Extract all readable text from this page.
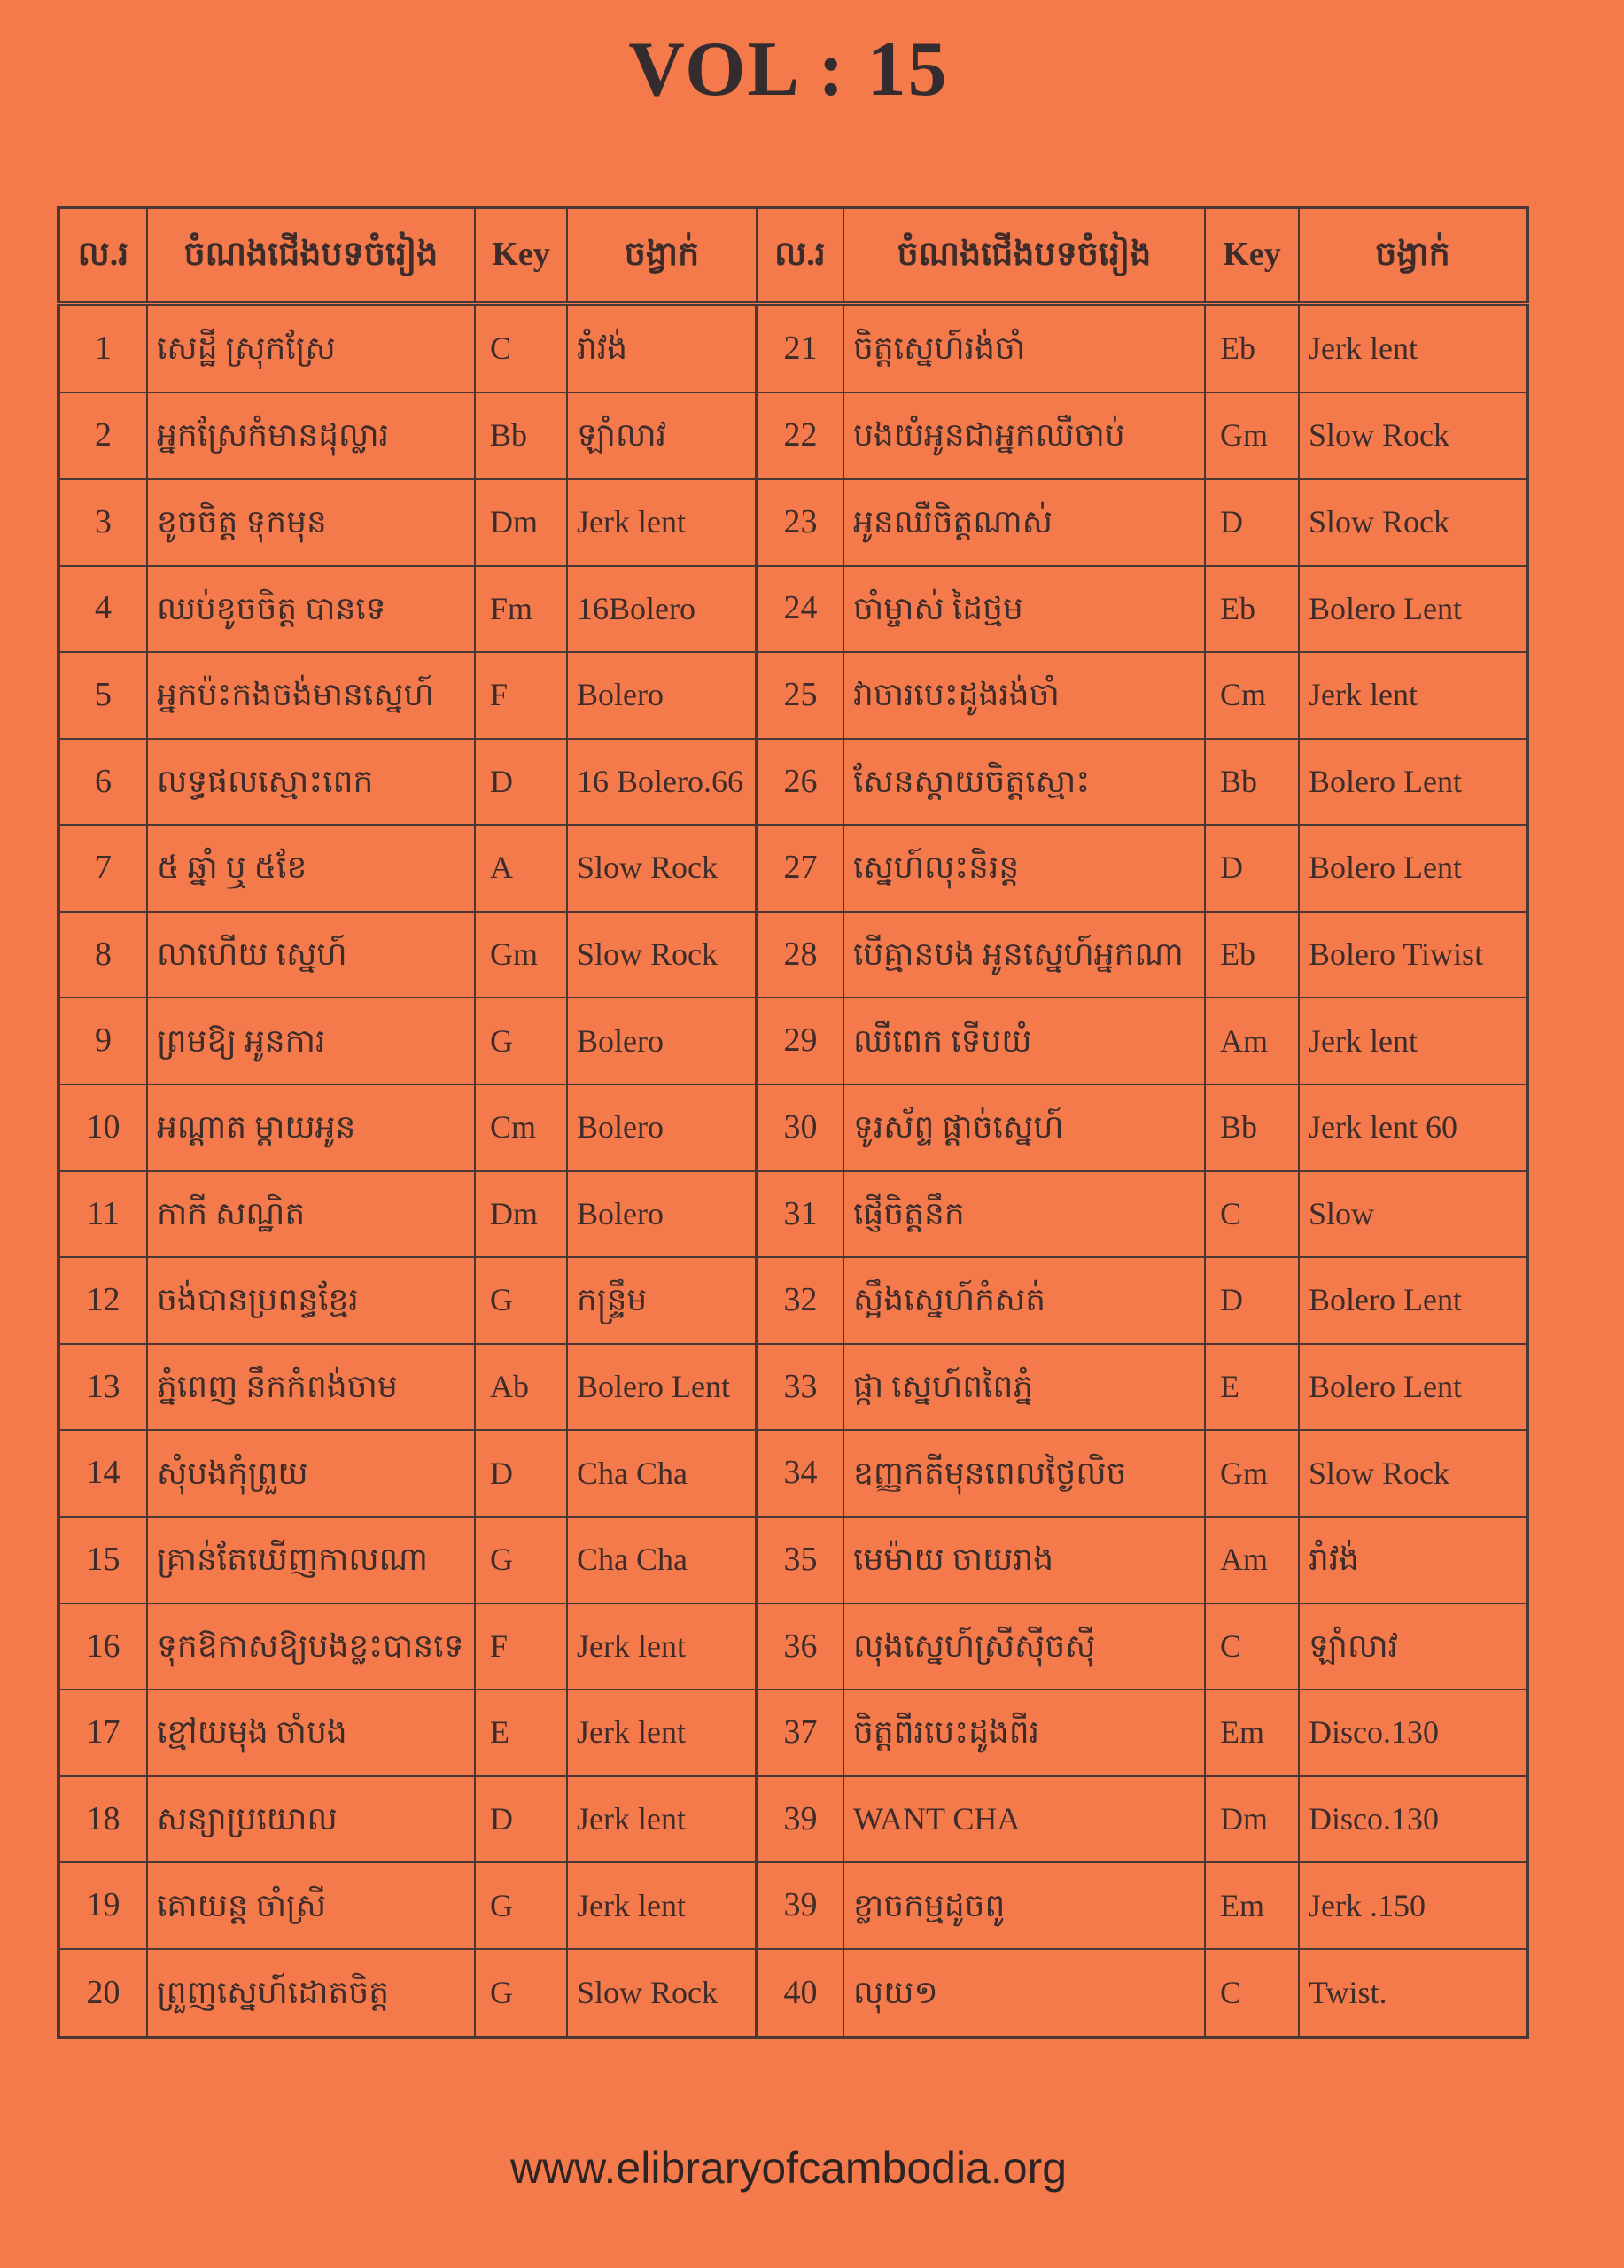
VOL : 15
ល.រ	ចំណងជើងបទចំរៀង	Key	ចង្វាក់	ល.រ	ចំណងជើងបទចំរៀង	Key	ចង្វាក់
1	សេដ្ឋី ស្រុកស្រែ	C	រាំវង់	21	ចិត្តស្នេហ៍រង់ចាំ	Eb	Jerk lent
2	អ្នកស្រែកំមានដុល្លារ	Bb	ឡាំលាវ	22	បងយំអូនជាអ្នកឈឺចាប់	Gm	Slow Rock
3	ខូចចិត្ត ទុកមុន	Dm	Jerk lent	23	អូនឈឺចិត្តណាស់	D	Slow Rock
4	ឈប់ខូចចិត្ត បានទេ	Fm	16Bolero	24	ចាំម្ចាស់ ដៃថ្មម	Eb	Bolero Lent
5	អ្នកប៉ះកងចង់មានស្នេហ៍	F	Bolero	25	វាចារបេះដូងរង់ចាំ	Cm	Jerk lent
6	លទ្ធផលស្មោះពេក	D	16 Bolero.66	26	សែនស្តាយចិត្តស្មោះ	Bb	Bolero Lent
7	៥ ឆ្នាំ ឬ ៥ខែ	A	Slow Rock	27	ស្នេហ៍លុះនិរន្ត	D	Bolero Lent
8	លាហើយ ស្នេហ៍	Gm	Slow Rock	28	បើគ្មានបង អូនស្នេហ៍អ្នកណា	Eb	Bolero Tiwist
9	ព្រមឱ្យ អូនការ	G	Bolero	29	ឈឺពេក ទើបយំ	Am	Jerk lent
10	អណ្តាត ម្តាយអូន	Cm	Bolero	30	ទូរស័ព្ទ ផ្តាច់ស្នេហ៍	Bb	Jerk lent 60
11	កាកី សណ្ឋិត	Dm	Bolero	31	ផ្ញើចិត្តនឹក	C	Slow
12	ចង់បានប្រពន្ធខ្មែរ	G	កន្ទ្រឹម	32	ស្អឹងស្នេហ៍កំសត់	D	Bolero Lent
13	ភ្នំពេញ នឹកកំពង់ចាម	Ab	Bolero Lent	33	ផ្កា ស្នេហ៍ពពៃភ្នំ	E	Bolero Lent
14	សុំបងកុំព្រួយ	D	Cha Cha	34	ឧញ្ញកតីមុនពេលថ្ងៃលិច	Gm	Slow Rock
15	គ្រាន់តែឃើញកាលណា	G	Cha Cha	35	មេម៉ាយ ចាយរាង	Am	រាំវង់
16	ទុកឱកាសឱ្យបងខ្លះបានទេ	F	Jerk lent	36	លុងស្នេហ៍ស្រីស៊ីចស៊ី	C	ឡាំលាវ
17	ខ្មៅយមុង ចាំបង	E	Jerk lent	37	ចិត្តពីរបេះដូងពីរ	Em	Disco.130
18	សន្យាប្រយោល	D	Jerk lent	39	WANT CHA	Dm	Disco.130
19	គោយន្ត ចាំស្រី	G	Jerk lent	39	ខ្លាចកម្មដូចពូ	Em	Jerk .150
20	ព្រួញស្នេហ៍ដោតចិត្ត	G	Slow Rock	40	លុយ១	C	Twist.
www.elibraryofcambodia.org
